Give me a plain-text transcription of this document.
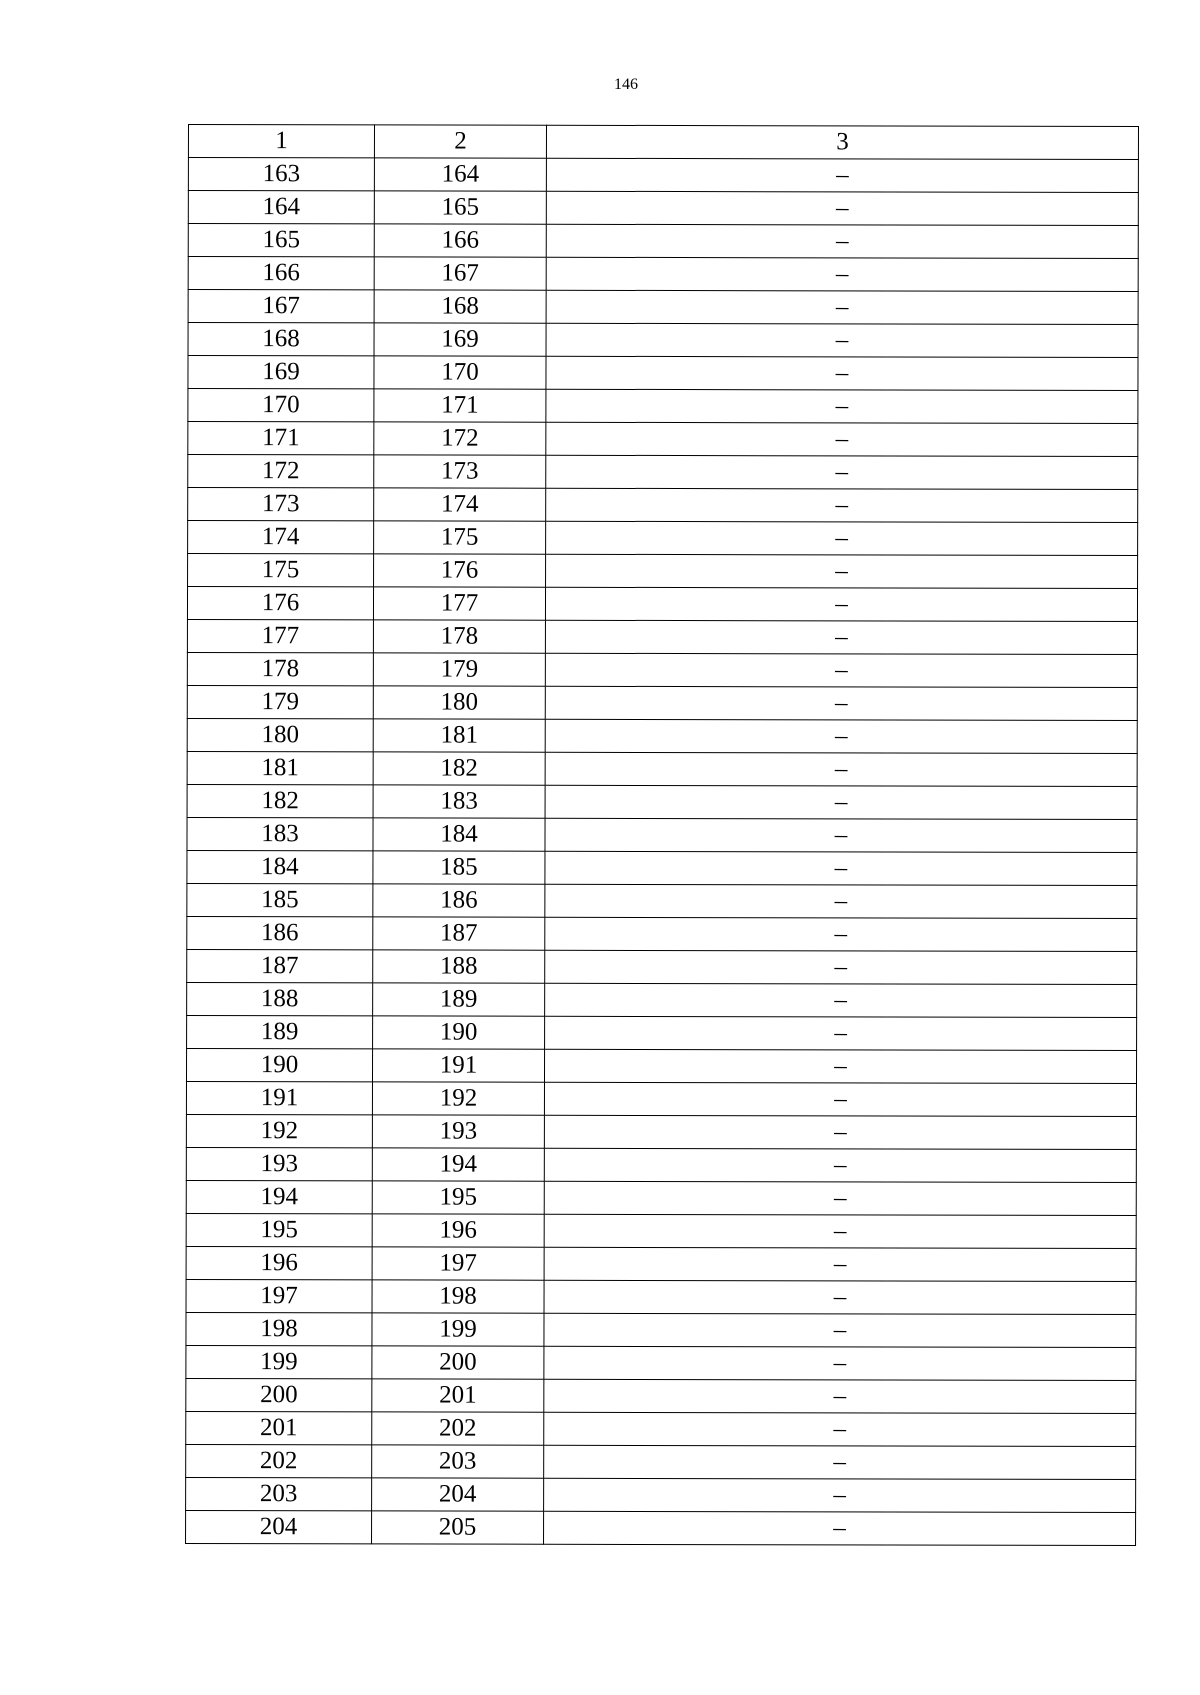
146
1	2	3
163	164	–
164	165	–
165	166	–
166	167	–
167	168	–
168	169	–
169	170	–
170	171	–
171	172	–
172	173	–
173	174	–
174	175	–
175	176	–
176	177	–
177	178	–
178	179	–
179	180	–
180	181	–
181	182	–
182	183	–
183	184	–
184	185	–
185	186	–
186	187	–
187	188	–
188	189	–
189	190	–
190	191	–
191	192	–
192	193	–
193	194	–
194	195	–
195	196	–
196	197	–
197	198	–
198	199	–
199	200	–
200	201	–
201	202	–
202	203	–
203	204	–
204	205	–
